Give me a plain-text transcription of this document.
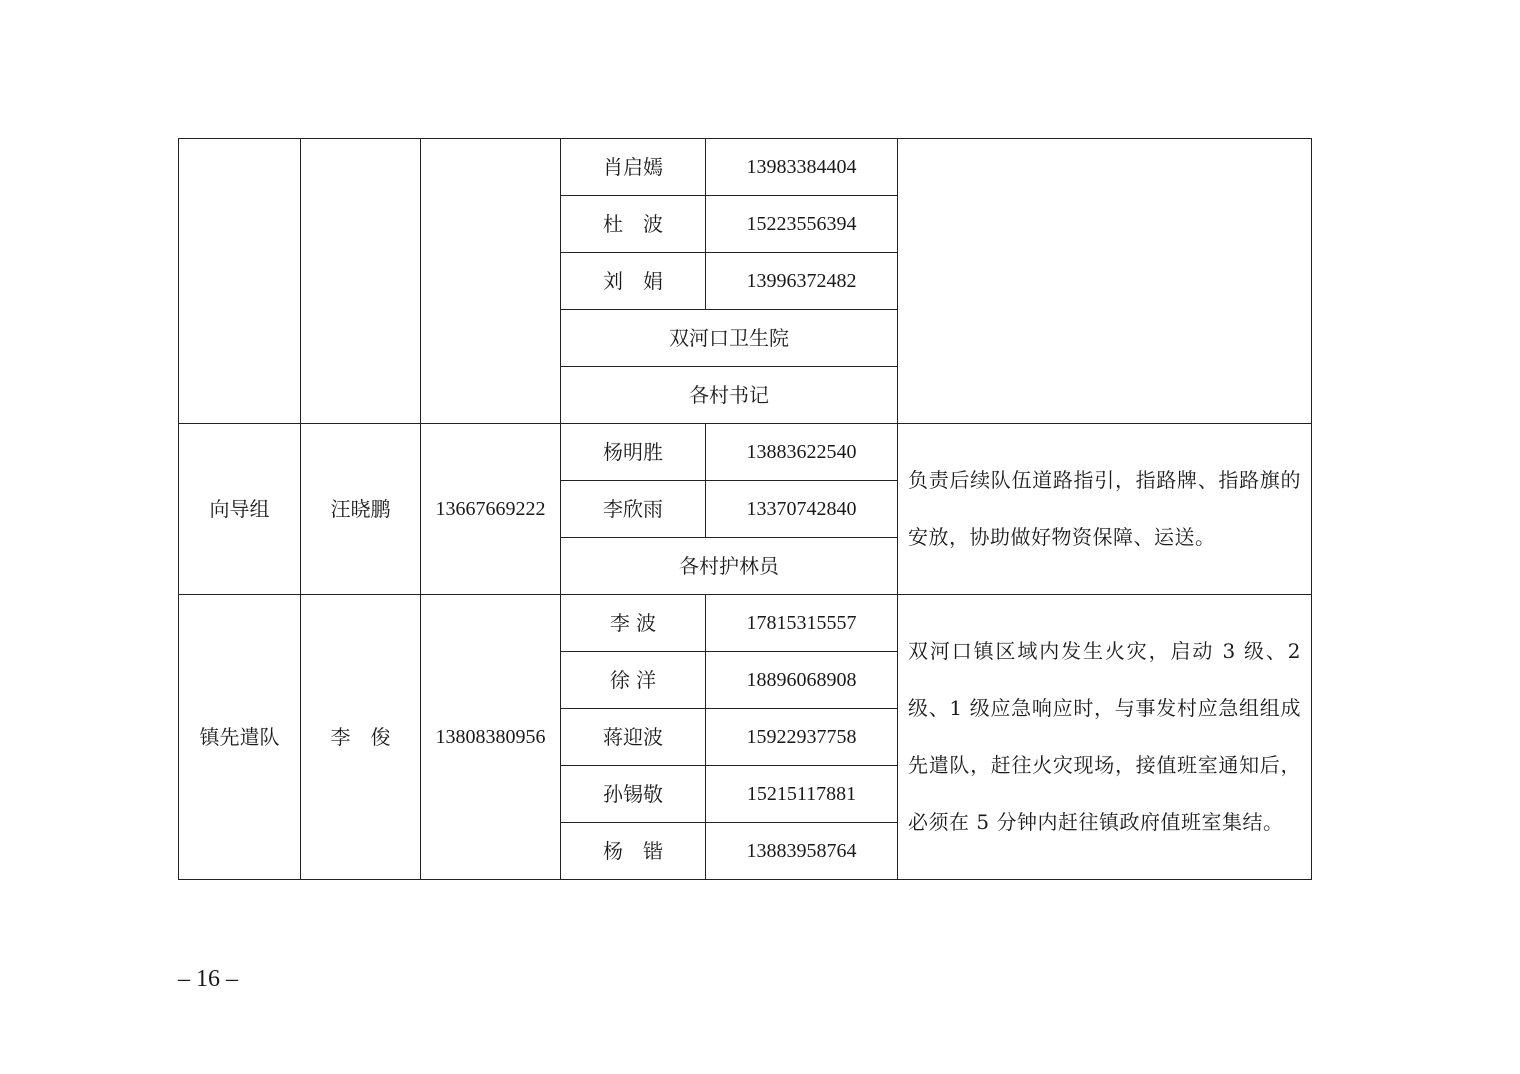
			肖启嫣	13983384404	
			杜　波	15223556394	
			刘　娟	13996372482	
			双河口卫生院		
			各村书记		
向导组	汪晓鹏	13667669222	杨明胜	13883622540	负责后续队伍道路指引，指路牌、指路旗的安放，协助做好物资保障、运送。
			李欣雨	13370742840	
			各村护林员		
镇先遣队	李　俊	13808380956	李 波	17815315557	双河口镇区域内发生火灾，启动 3 级、2 级、1 级应急响应时，与事发村应急组组成先遣队，赶往火灾现场，接值班室通知后，必须在 5 分钟内赶往镇政府值班室集结。
			徐 洋	18896068908	
			蒋迎波	15922937758	
			孙锡敬	15215117881	
			杨　锴	13883958764	
– 16 –
